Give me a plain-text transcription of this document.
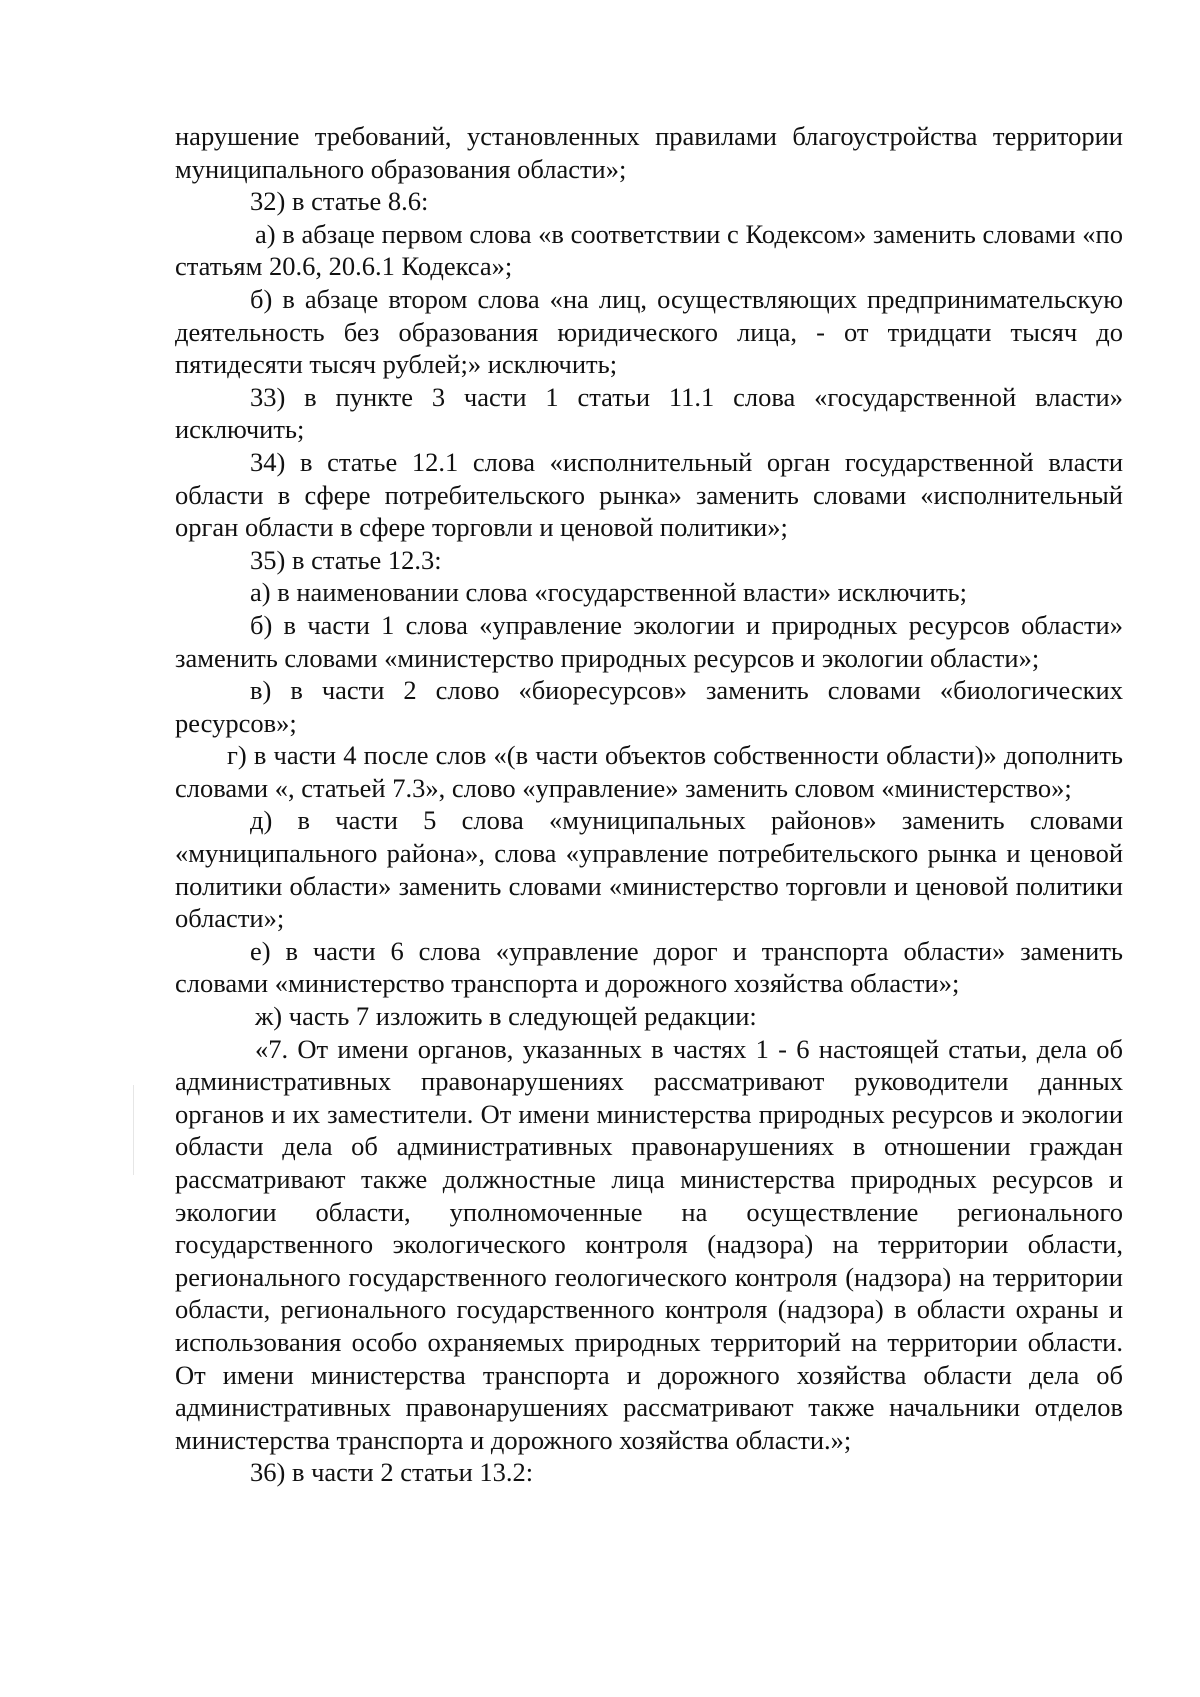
нарушение требований, установленных правилами благоустройства территории муниципального образования области»;

32) в статье 8.6:

а) в абзаце первом слова «в соответствии с Кодексом» заменить словами «по статьям 20.6, 20.6.1 Кодекса»;

б) в абзаце втором слова «на лиц, осуществляющих предпринимательскую деятельность без образования юридического лица, - от тридцати тысяч до пятидесяти тысяч рублей;» исключить;

33) в пункте 3 части 1 статьи 11.1 слова «государственной власти» исключить;

34) в статье 12.1 слова «исполнительный орган государственной власти области в сфере потребительского рынка» заменить словами «исполнительный орган области в сфере торговли и ценовой политики»;

35) в статье 12.3:

а) в наименовании слова «государственной власти» исключить;

б) в части 1 слова «управление экологии и природных ресурсов области» заменить словами «министерство природных ресурсов и экологии области»;

в) в части 2 слово «биоресурсов» заменить словами «биологических ресурсов»;

г) в части 4 после слов «(в части объектов собственности области)» дополнить словами «, статьей 7.3», слово «управление» заменить словом «министерство»;

д) в части 5 слова «муниципальных районов» заменить словами «муниципального района», слова «управление потребительского рынка и ценовой политики области» заменить словами «министерство торговли и ценовой политики области»;

е) в части 6 слова «управление дорог и транспорта области» заменить словами «министерство транспорта и дорожного хозяйства области»;

ж) часть 7 изложить в следующей редакции:

«7. От имени органов, указанных в частях 1 - 6 настоящей статьи, дела об административных правонарушениях рассматривают руководители данных органов и их заместители. От имени министерства природных ресурсов и экологии области дела об административных правонарушениях в отношении граждан рассматривают также должностные лица министерства природных ресурсов и экологии области, уполномоченные на осуществление регионального государственного экологического контроля (надзора) на территории области, регионального государственного геологического контроля (надзора) на территории области, регионального государственного контроля (надзора) в области охраны и использования особо охраняемых природных территорий на территории области. От имени министерства транспорта и дорожного хозяйства области дела об административных правонарушениях рассматривают также начальники отделов министерства транспорта и дорожного хозяйства области.»;

36) в части 2 статьи 13.2:
